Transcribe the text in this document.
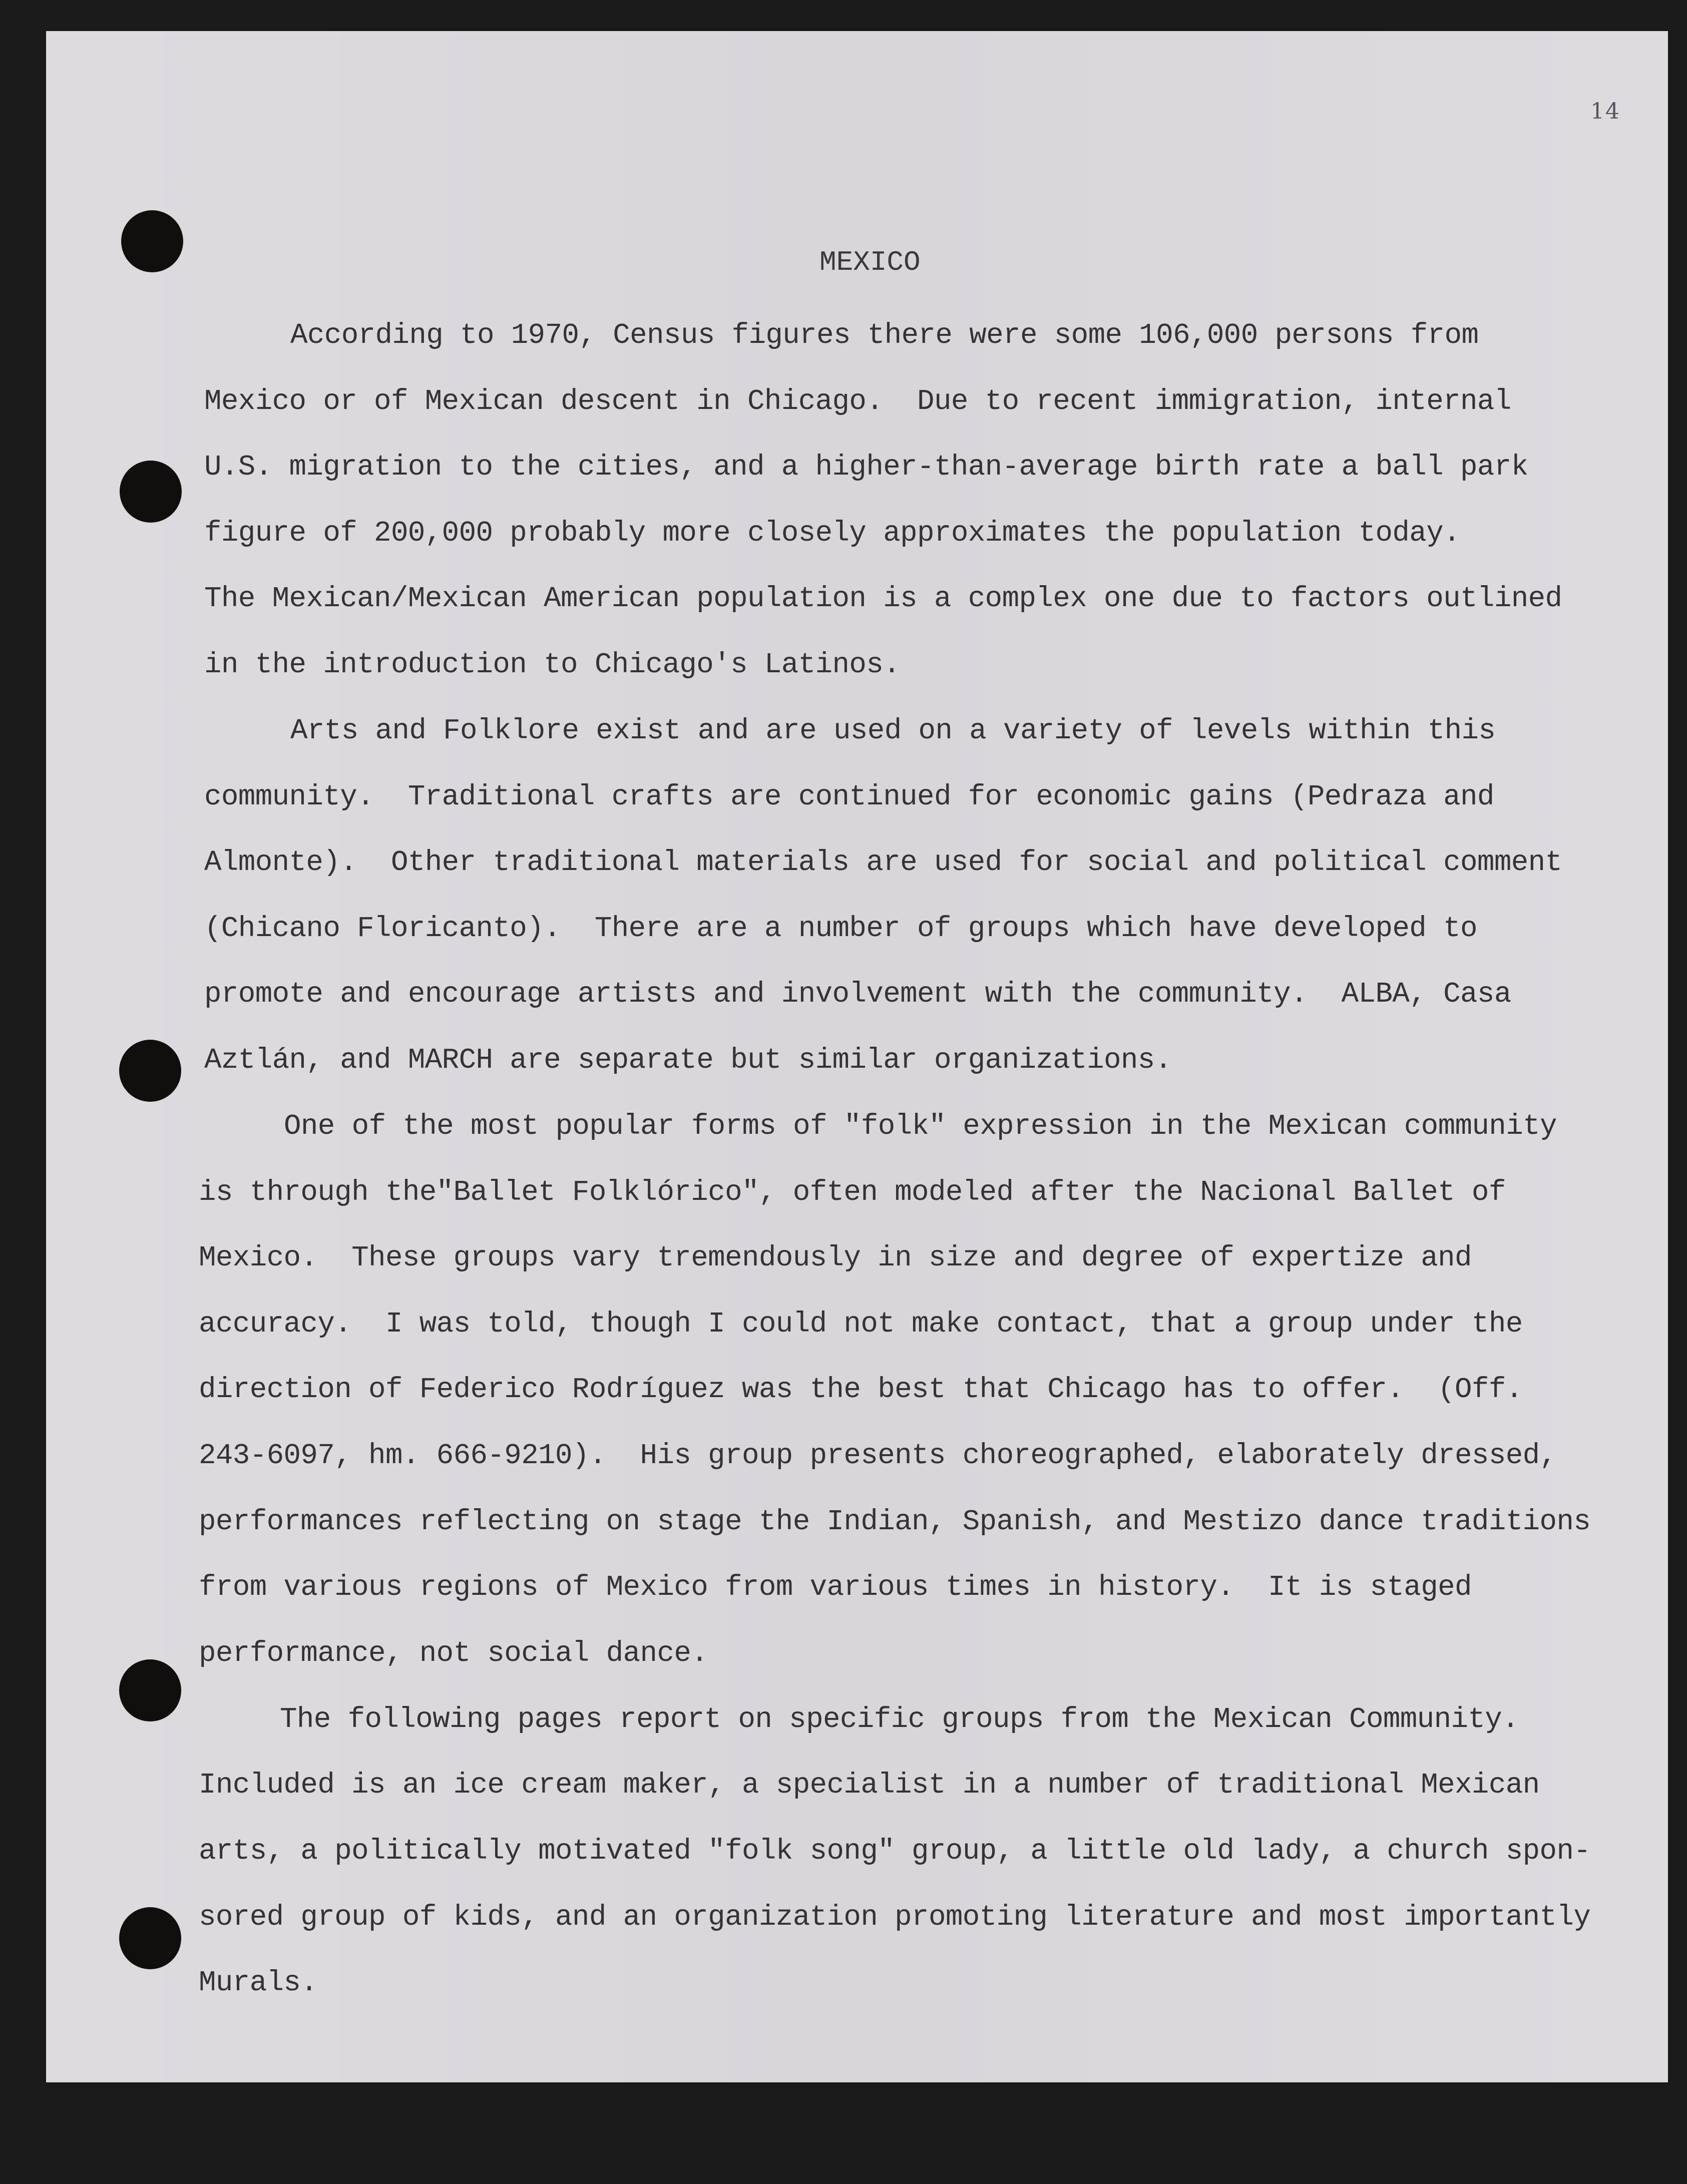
14
MEXICO
According to 1970, Census figures there were some 106,000 persons from
Mexico or of Mexican descent in Chicago.  Due to recent immigration, internal
U.S. migration to the cities, and a higher-than-average birth rate a ball park
figure of 200,000 probably more closely approximates the population today.
The Mexican/Mexican American population is a complex one due to factors outlined
in the introduction to Chicago's Latinos.
Arts and Folklore exist and are used on a variety of levels within this
community.  Traditional crafts are continued for economic gains (Pedraza and
Almonte).  Other traditional materials are used for social and political comment
(Chicano Floricanto).  There are a number of groups which have developed to
promote and encourage artists and involvement with the community.  ALBA, Casa
Aztlán, and MARCH are separate but similar organizations.
One of the most popular forms of "folk" expression in the Mexican community
is through the"Ballet Folklórico", often modeled after the Nacional Ballet of
Mexico.  These groups vary tremendously in size and degree of expertize and
accuracy.  I was told, though I could not make contact, that a group under the
direction of Federico Rodríguez was the best that Chicago has to offer.  (Off.
243-6097, hm. 666-9210).  His group presents choreographed, elaborately dressed,
performances reflecting on stage the Indian, Spanish, and Mestizo dance traditions
from various regions of Mexico from various times in history.  It is staged
performance, not social dance.
The following pages report on specific groups from the Mexican Community.
Included is an ice cream maker, a specialist in a number of traditional Mexican
arts, a politically motivated "folk song" group, a little old lady, a church spon-
sored group of kids, and an organization promoting literature and most importantly
Murals.
